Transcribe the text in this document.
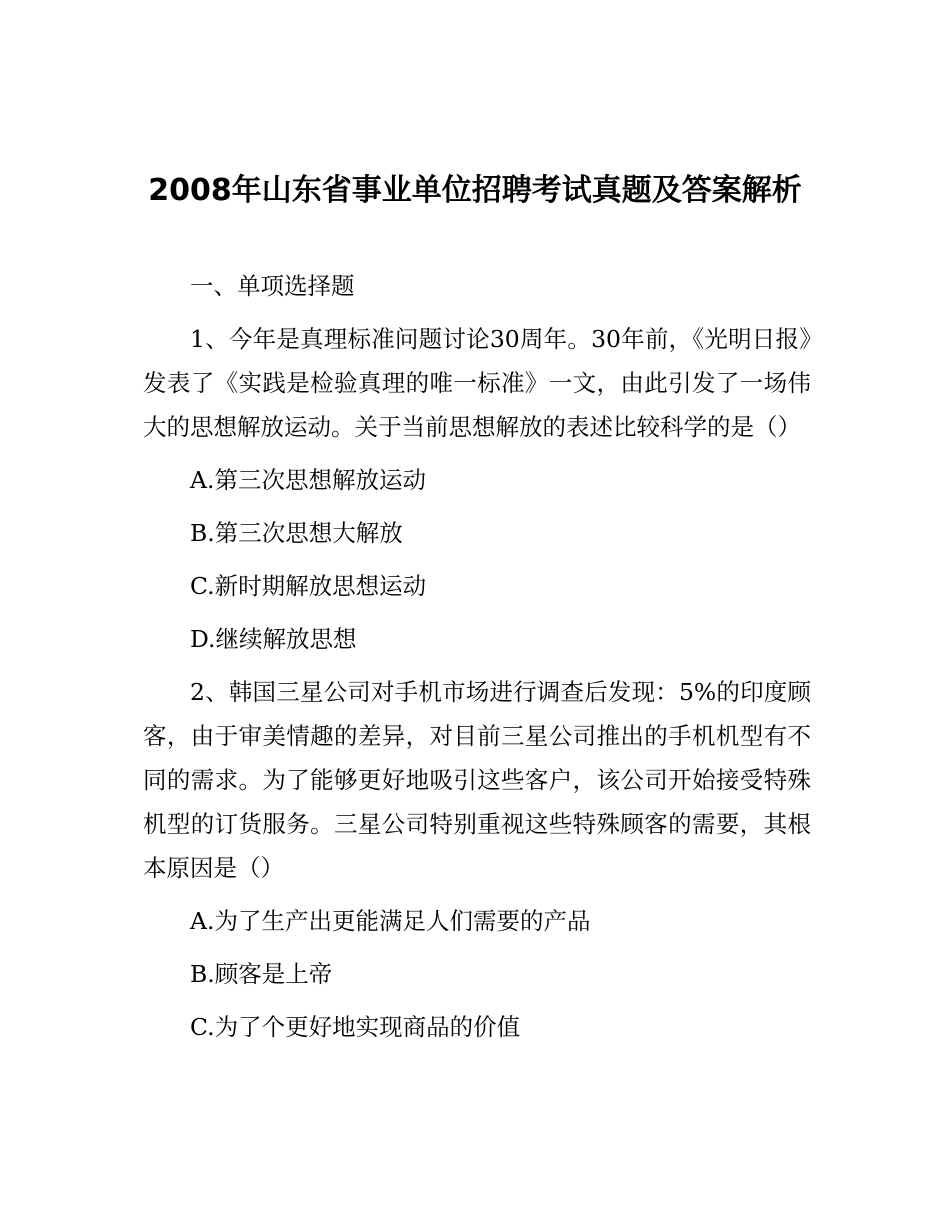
2008年山东省事业单位招聘考试真题及答案解析

一、单项选择题

1、今年是真理标准问题讨论30周年。30年前，《光明日报》发表了《实践是检验真理的唯一标准》一文，由此引发了一场伟大的思想解放运动。关于当前思想解放的表述比较科学的是（）

A.第三次思想解放运动

B.第三次思想大解放

C.新时期解放思想运动

D.继续解放思想

2、韩国三星公司对手机市场进行调查后发现：5%的印度顾客，由于审美情趣的差异，对目前三星公司推出的手机机型有不同的需求。为了能够更好地吸引这些客户，该公司开始接受特殊机型的订货服务。三星公司特别重视这些特殊顾客的需要，其根本原因是（）

A.为了生产出更能满足人们需要的产品

B.顾客是上帝

C.为了个更好地实现商品的价值
